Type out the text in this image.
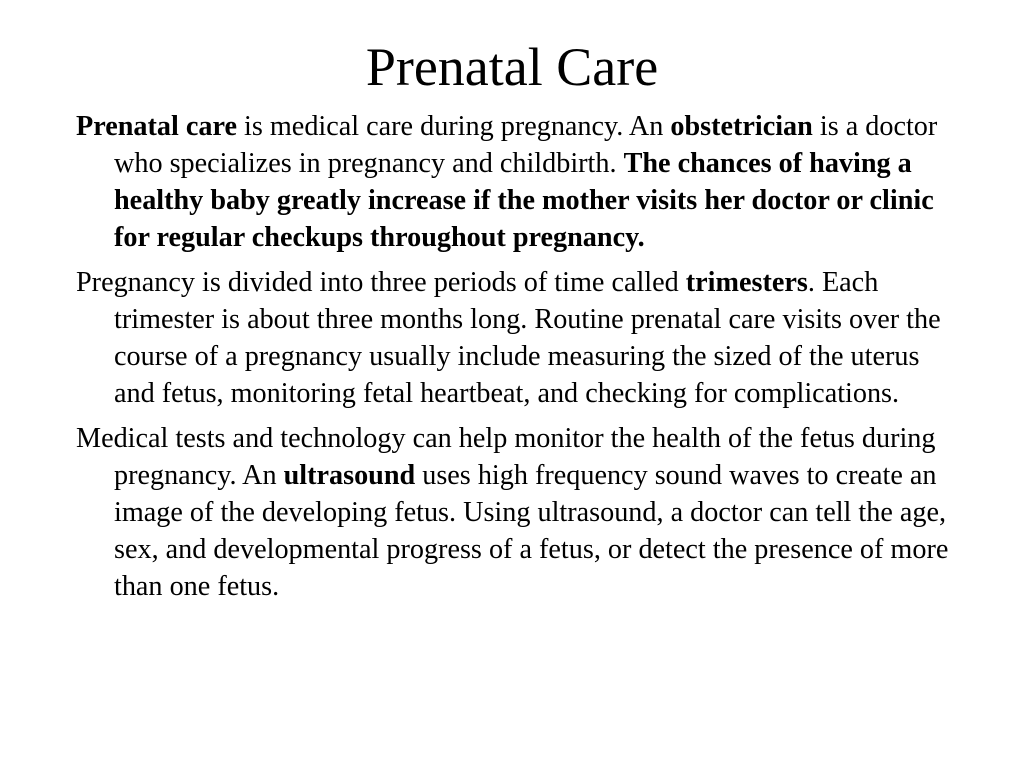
Prenatal Care

Prenatal care is medical care during pregnancy. An obstetrician is a doctor who specializes in pregnancy and childbirth. The chances of having a healthy baby greatly increase if the mother visits her doctor or clinic for regular checkups throughout pregnancy.

Pregnancy is divided into three periods of time called trimesters. Each trimester is about three months long. Routine prenatal care visits over the course of a pregnancy usually include measuring the sized of the uterus and fetus, monitoring fetal heartbeat, and checking for complications.

Medical tests and technology can help monitor the health of the fetus during pregnancy. An ultrasound uses high frequency sound waves to create an image of the developing fetus. Using ultrasound, a doctor can tell the age, sex, and developmental progress of a fetus, or detect the presence of more than one fetus.
